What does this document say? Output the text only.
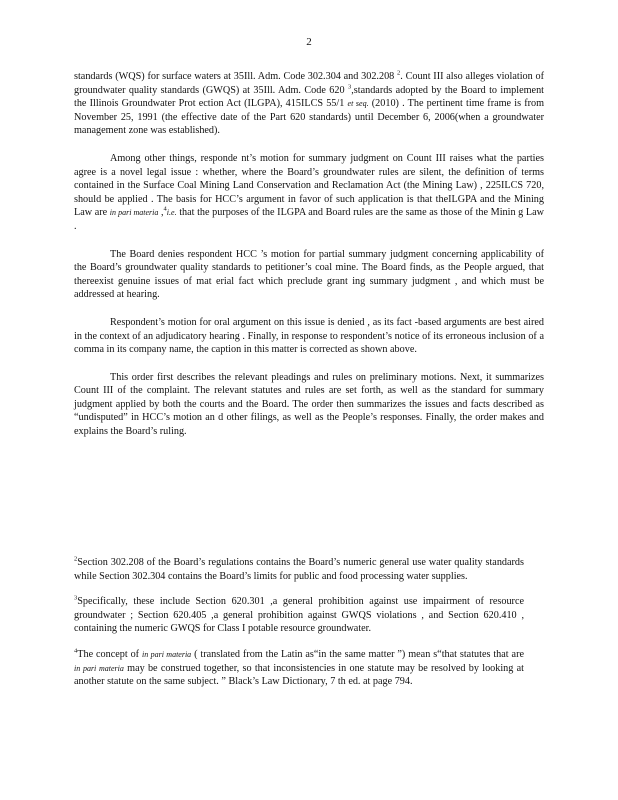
2

standards (WQS) for surface waters at 35Ill. Adm. Code 302.304 and 302.208 $^2$. Count III also alleges violation of groundwater quality standards (GWQS) at 35Ill. Adm. Code 620 $^3$,standards adopted by the Board to implement the Illinois Groundwater Prot ection Act (ILGPA), 415ILCS 55/1 et seq. (2010) . The pertinent time frame is from November 25, 1991 (the effective date of the Part 620 standards) until December 6, 2006(when a groundwater management zone was established).

Among other things, responde nt’s motion for summary judgment on Count III raises what the parties agree is a novel legal issue : whether, where the Board’s groundwater rules are silent, the definition of terms contained in the Surface Coal Mining Land Conservation and Reclamation Act (the Mining Law) , 225ILCS 720, should be applied . The basis for HCC’s argument in favor of such application is that theILGPA and the Mining Law are in pari materia ,$^4$i.e. that the purposes of the ILGPA and Board rules are the same as those of the Minin g Law .

The Board denies respondent HCC ’s motion for partial summary judgment concerning applicability of the Board’s groundwater quality standards to petitioner’s coal mine. The Board finds, as the People argued, that thereexist genuine issues of mat erial fact which preclude grant ing summary judgment , and which must be addressed at hearing.

Respondent’s motion for oral argument on this issue is denied , as its fact -based arguments are best aired in the context of an adjudicatory hearing . Finally, in response to respondent’s notice of its erroneous inclusion of a comma in its company name, the caption in this matter is corrected as shown above.

This order first describes the relevant pleadings and rules on preliminary motions. Next, it summarizes Count III of the complaint. The relevant statutes and rules are set forth, as well as the standard for summary judgment applied by both the courts and the Board. The order then summarizes the issues and facts described as “undisputed” in HCC’s motion an d other filings, as well as the People’s responses. Finally, the order makes and explains the Board’s ruling.

$^2$Section 302.208 of the Board’s regulations contains the Board’s numeric general use water quality standards while Section 302.304 contains the Board’s limits for public and food processing water supplies.

$^3$Specifically, these include Section 620.301 ,a general prohibition against use impairment of resource groundwater ; Section 620.405 ,a general prohibition against GWQS violations , and Section 620.410 , containing the numeric GWQS for Class I potable resource groundwater.

$^4$The concept of in pari materia ( translated from the Latin as“in the same matter ”) mean s“that statutes that are in pari materia may be construed together, so that inconsistencies in one statute may be resolved by looking at another statute on the same subject. ” Black’s Law Dictionary, 7 th ed. at page 794.
